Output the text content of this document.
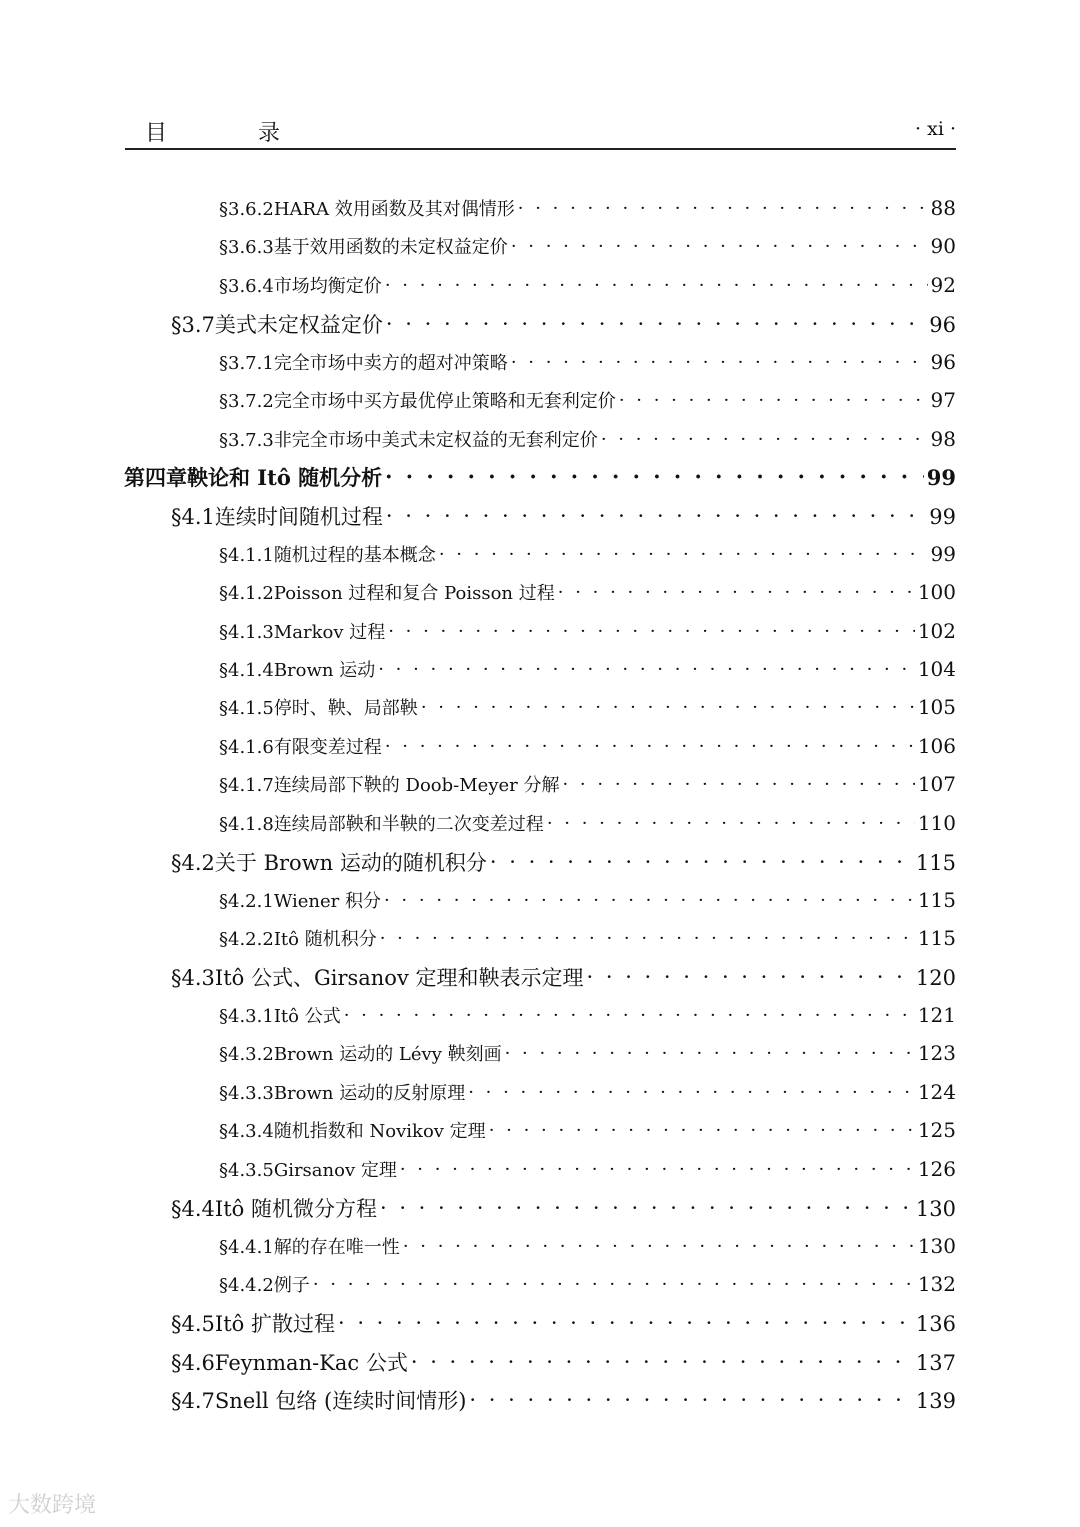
目 录	· xi ·
§3.6.2 HARA 效用函数及其对偶情形 · · ·	88
§3.6.3 基于效用函数的未定权益定价 · · ·	90
§3.6.4 市场均衡定价 · · ·	92
§3.7 美式未定权益定价 · · ·	96
§3.7.1 完全市场中卖方的超对冲策略 · · ·	96
§3.7.2 完全市场中买方最优停止策略和无套利定价 · · ·	97
§3.7.3 非完全市场中美式未定权益的无套利定价 · · ·	98
第四章 鞅论和 Itô 随机分析 · · ·	99
§4.1 连续时间随机过程 · · ·	99
§4.1.1 随机过程的基本概念 · · ·	99
§4.1.2 Poisson 过程和复合 Poisson 过程 · · ·	100
§4.1.3 Markov 过程 · · ·	102
§4.1.4 Brown 运动 · · ·	104
§4.1.5 停时、鞅、局部鞅 · · ·	105
§4.1.6 有限变差过程 · · ·	106
§4.1.7 连续局部下鞅的 Doob-Meyer 分解 · · ·	107
§4.1.8 连续局部鞅和半鞅的二次变差过程 · · ·	110
§4.2 关于 Brown 运动的随机积分 · · ·	115
§4.2.1 Wiener 积分 · · ·	115
§4.2.2 Itô 随机积分 · · ·	115
§4.3 Itô 公式、Girsanov 定理和鞅表示定理 · · ·	120
§4.3.1 Itô 公式 · · ·	121
§4.3.2 Brown 运动的 Lévy 鞅刻画 · · ·	123
§4.3.3 Brown 运动的反射原理 · · ·	124
§4.3.4 随机指数和 Novikov 定理 · · ·	125
§4.3.5 Girsanov 定理 · · ·	126
§4.4 Itô 随机微分方程 · · ·	130
§4.4.1 解的存在唯一性 · · ·	130
§4.4.2 例子 · · ·	132
§4.5 Itô 扩散过程 · · ·	136
§4.6 Feynman-Kac 公式 · · ·	137
§4.7 Snell 包络 (连续时间情形) · · ·	139
大数跨境
